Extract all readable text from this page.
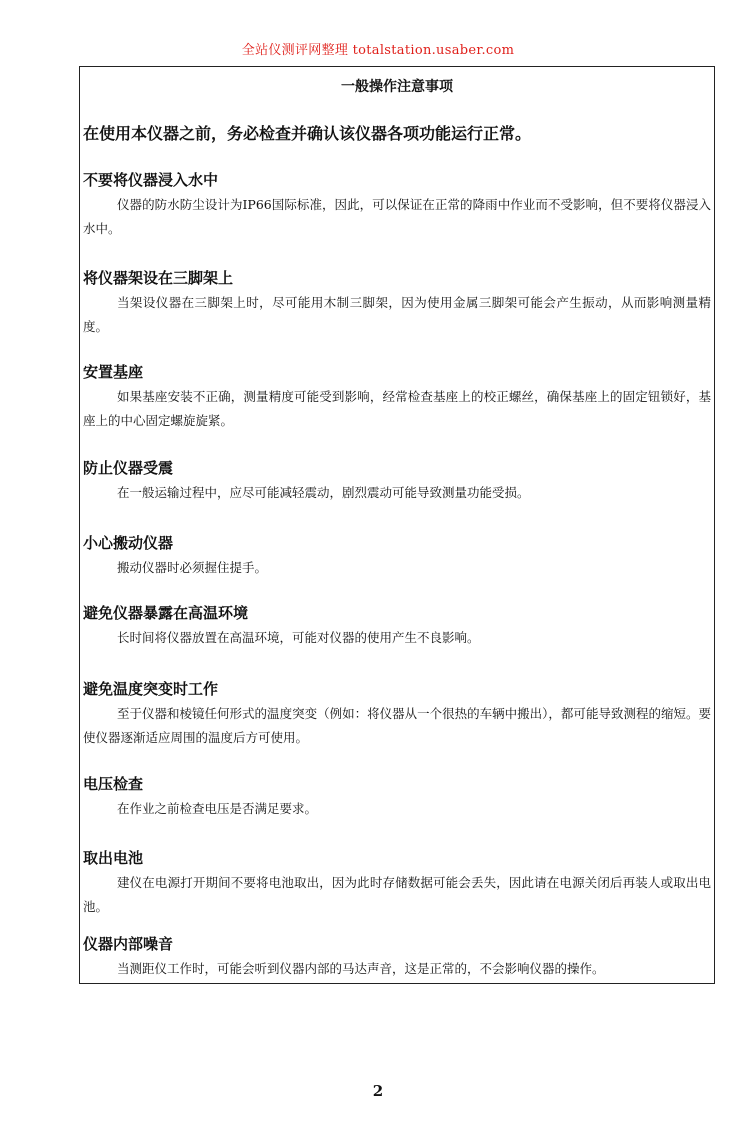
全站仪测评网整理 totalstation.usaber.com
一般操作注意事项
在使用本仪器之前，务必检查并确认该仪器各项功能运行正常。
不要将仪器浸入水中
仪器的防水防尘设计为IP66国际标准，因此，可以保证在正常的降雨中作业而不受影响，但不要将仪器浸入水中。
将仪器架设在三脚架上
当架设仪器在三脚架上时，尽可能用木制三脚架，因为使用金属三脚架可能会产生振动，从而影响测量精度。
安置基座
如果基座安装不正确，测量精度可能受到影响，经常检查基座上的校正螺丝，确保基座上的固定钮锁好，基座上的中心固定螺旋旋紧。
防止仪器受震
在一般运输过程中，应尽可能减轻震动，剧烈震动可能导致测量功能受损。
小心搬动仪器
搬动仪器时必须握住提手。
避免仪器暴露在高温环境
长时间将仪器放置在高温环境，可能对仪器的使用产生不良影响。
避免温度突变时工作
至于仪器和棱镜任何形式的温度突变（例如：将仪器从一个很热的车辆中搬出），都可能导致测程的缩短。要使仪器逐渐适应周围的温度后方可使用。
电压检查
在作业之前检查电压是否满足要求。
取出电池
建仪在电源打开期间不要将电池取出，因为此时存储数据可能会丢失，因此请在电源关闭后再装人或取出电池。
仪器内部噪音
当测距仪工作时，可能会听到仪器内部的马达声音，这是正常的，不会影响仪器的操作。
2
